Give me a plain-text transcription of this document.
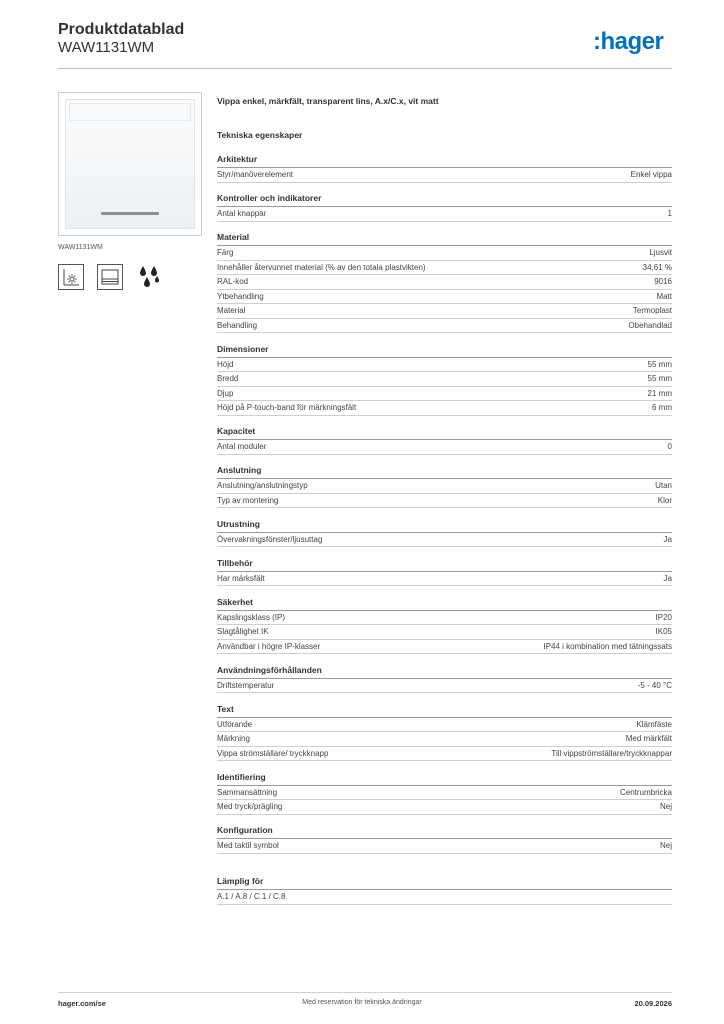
Produktdatablad
WAW1131WM	:hager
WAW1131WM
Vippa enkel, märkfält, transparent lins, A.x/C.x, vit matt
Tekniska egenskaper
Arkitektur
Styr/manöverelement	Enkel vippa
Kontroller och indikatorer
Antal knappar	1
Material
Färg	Ljusvit
Innehåller återvunnet material (% av den totala plastvikten)	34,61 %
RAL-kod	9016
Ytbehandling	Matt
Material	Termoplast
Behandling	Obehandlad
Dimensioner
Höjd	55 mm
Bredd	55 mm
Djup	21 mm
Höjd på P-touch-band för märkningsfält	6 mm
Kapacitet
Antal moduler	0
Anslutning
Anslutning/anslutningstyp	Utan
Typ av montering	Klor
Utrustning
Övervakningsfönster/ljusuttag	Ja
Tillbehör
Har märksfält	Ja
Säkerhet
Kapslingsklass (IP)	IP20
Slagtålighet IK	IK05
Användbar i högre IP-klasser	IP44 i kombination med tätningssats
Användningsförhållanden
Driftstemperatur	-5 - 40 °C
Text
Utförande	Klämfäste
Märkning	Med märkfält
Vippa strömställare/ tryckknapp	Till vippströmställare/tryckknappar
Identifiering
Sammansättning	Centrumbricka
Med tryck/prägling	Nej
Konfiguration
Med taktil symbol	Nej
Lämplig för
A.1 / A.8 / C.1 / C.8
hager.com/se	Med reservation för tekniska ändringar	20.09.2026
